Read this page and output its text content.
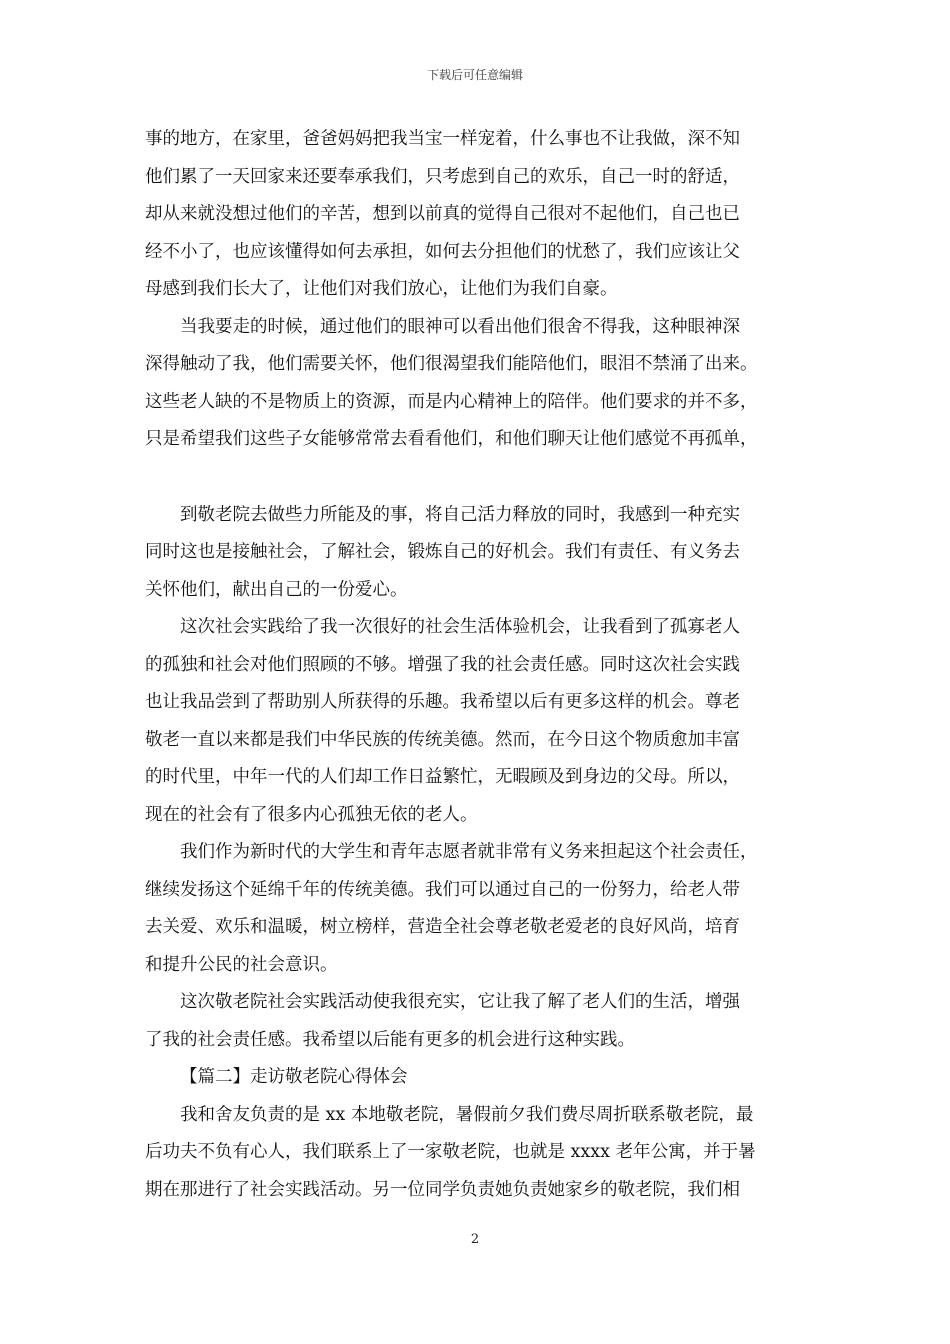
下载后可任意编辑

事的地方，在家里，爸爸妈妈把我当宝一样宠着，什么事也不让我做，深不知
他们累了一天回家来还要奉承我们，只考虑到自己的欢乐，自己一时的舒适，
却从来就没想过他们的辛苦，想到以前真的觉得自己很对不起他们，自己也已
经不小了，也应该懂得如何去承担，如何去分担他们的忧愁了，我们应该让父
母感到我们长大了，让他们对我们放心，让他们为我们自豪。

当我要走的时候，通过他们的眼神可以看出他们很舍不得我，这种眼神深
深得触动了我，他们需要关怀，他们很渴望我们能陪他们，眼泪不禁涌了出来。
这些老人缺的不是物质上的资源，而是内心精神上的陪伴。他们要求的并不多，
只是希望我们这些子女能够常常去看看他们，和他们聊天让他们感觉不再孤单，

到敬老院去做些力所能及的事，将自己活力释放的同时，我感到一种充实
同时这也是接触社会，了解社会，锻炼自己的好机会。我们有责任、有义务去
关怀他们，献出自己的一份爱心。

这次社会实践给了我一次很好的社会生活体验机会，让我看到了孤寡老人
的孤独和社会对他们照顾的不够。增强了我的社会责任感。同时这次社会实践
也让我品尝到了帮助别人所获得的乐趣。我希望以后有更多这样的机会。尊老
敬老一直以来都是我们中华民族的传统美德。然而，在今日这个物质愈加丰富
的时代里，中年一代的人们却工作日益繁忙，无暇顾及到身边的父母。所以，
现在的社会有了很多内心孤独无依的老人。

我们作为新时代的大学生和青年志愿者就非常有义务来担起这个社会责任，
继续发扬这个延绵千年的传统美德。我们可以通过自己的一份努力，给老人带
去关爱、欢乐和温暖，树立榜样，营造全社会尊老敬老爱老的良好风尚，培育
和提升公民的社会意识。

这次敬老院社会实践活动使我很充实，它让我了解了老人们的生活，增强
了我的社会责任感。我希望以后能有更多的机会进行这种实践。

【篇二】走访敬老院心得体会

我和舍友负责的是 xx 本地敬老院，暑假前夕我们费尽周折联系敬老院，最
后功夫不负有心人，我们联系上了一家敬老院，也就是 xxxx 老年公寓，并于暑
期在那进行了社会实践活动。另一位同学负责她负责她家乡的敬老院，我们相

2
